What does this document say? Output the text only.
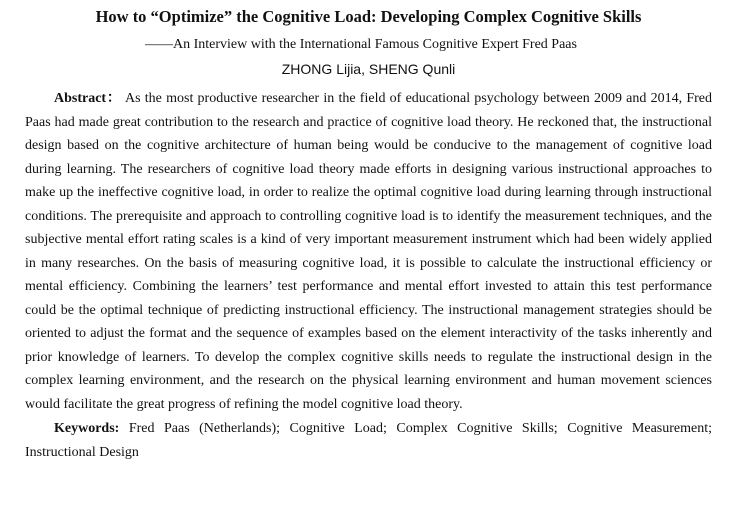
How to “Optimize” the Cognitive Load: Developing Complex Cognitive Skills

——An Interview with the International Famous Cognitive Expert Fred Paas

ZHONG Lijia, SHENG Qunli

Abstract： As the most productive researcher in the field of educational psychology between 2009 and 2014, Fred Paas had made great contribution to the research and practice of cognitive load theory. He reckoned that, the instructional design based on the cognitive architecture of human being would be conducive to the management of cognitive load during learning. The researchers of cognitive load theory made efforts in designing various instructional approaches to make up the ineffective cognitive load, in order to realize the optimal cognitive load during learning through instructional conditions. The prerequisite and approach to controlling cognitive load is to identify the measurement techniques, and the subjective mental effort rating scales is a kind of very important measurement instrument which had been widely applied in many researches. On the basis of measuring cognitive load, it is possible to calculate the instructional efficiency or mental efficiency. Combining the learners’ test performance and mental effort invested to attain this test performance could be the optimal technique of predicting instructional efficiency. The instructional management strategies should be oriented to adjust the format and the sequence of examples based on the element interactivity of the tasks inherently and prior knowledge of learners. To develop the complex cognitive skills needs to regulate the instructional design in the complex learning environment, and the research on the physical learning environment and human movement sciences would facilitate the great progress of refining the model cognitive load theory.

Keywords: Fred Paas (Netherlands); Cognitive Load; Complex Cognitive Skills; Cognitive Measurement; Instructional Design
